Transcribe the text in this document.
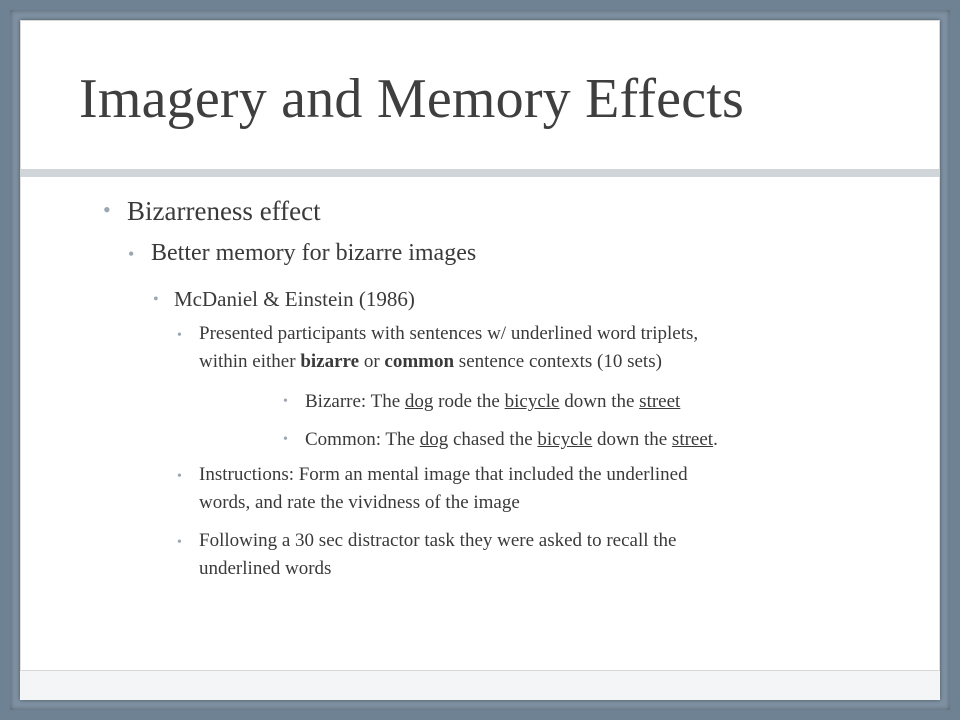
Imagery and Memory Effects
• Bizarreness effect
• Better memory for bizarre images
• McDaniel & Einstein (1986)
• Presented participants with sentences w/ underlined word triplets,
within either bizarre or common sentence contexts (10 sets)
• Bizarre: The dog rode the bicycle down the street
• Common: The dog chased the bicycle down the street.
• Instructions: Form an mental image that included the underlined
words, and rate the vividness of the image
• Following a 30 sec distractor task they were asked to recall the
underlined words
